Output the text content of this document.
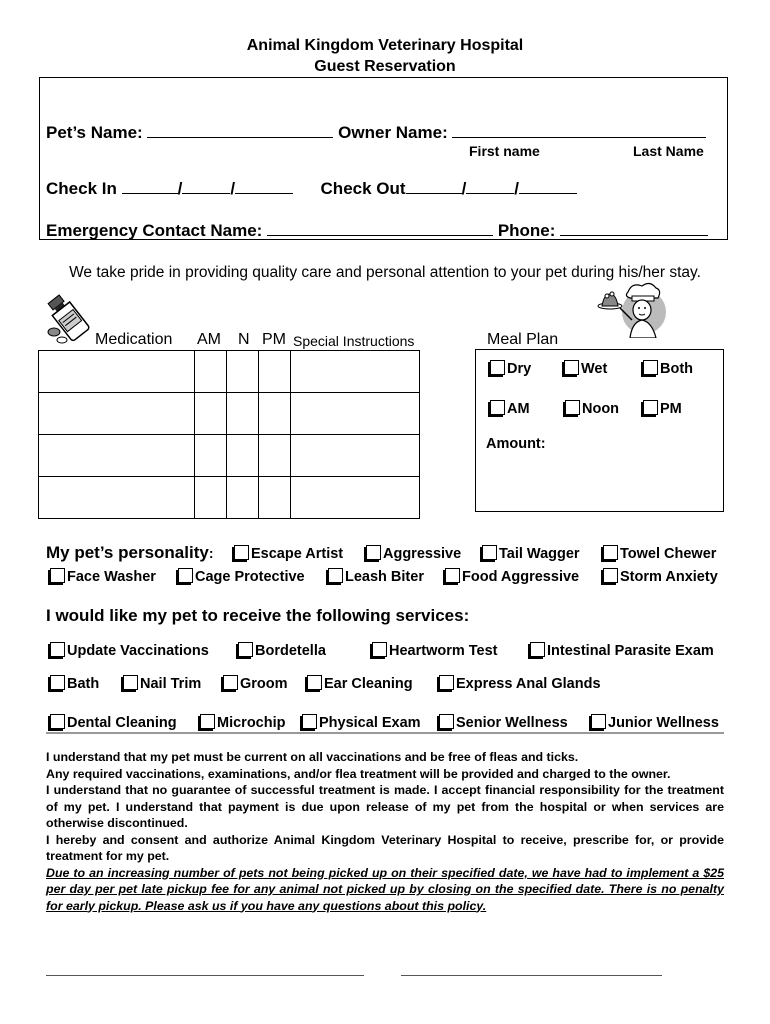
Animal Kingdom Veterinary Hospital
Guest Reservation
Pet’s Name:	Owner Name:
First name	Last Name
Check In	/	/	Check Out	/	/
Emergency Contact Name:	Phone:
We take pride in providing quality care and personal attention to your pet during his/her stay.
Medication AM N PM Special Instructions

					Meal Plan
Dry	Wet	Both
AM	Noon	PM
Amount:
My pet’s personality:	Escape Artist	Aggressive	Tail Wagger	Towel Chewer
Face Washer	Cage Protective	Leash Biter	Food Aggressive	Storm Anxiety
I would like my pet to receive the following services:
Update Vaccinations	Bordetella	Heartworm Test	Intestinal Parasite Exam
Bath	Nail Trim	Groom	Ear Cleaning	Express Anal Glands
Dental Cleaning	Microchip	Physical Exam	Senior Wellness	Junior Wellness

I understand that my pet must be current on all vaccinations and be free of fleas and ticks.

Any required vaccinations, examinations, and/or flea treatment will be provided and charged to the owner.

I understand that no guarantee of successful treatment is made. I accept financial responsibility for the treatment of my pet. I understand that payment is due upon release of my pet from the hospital or when services are otherwise discontinued.

I hereby and consent and authorize Animal Kingdom Veterinary Hospital to receive, prescribe for, or provide treatment for my pet.

Due to an increasing number of pets not being picked up on their specified date, we have had to implement a $25 per day per pet late pickup fee for any animal not picked up by closing on the specified date. There is no penalty for early pickup. Please ask us if you have any questions about this policy.
